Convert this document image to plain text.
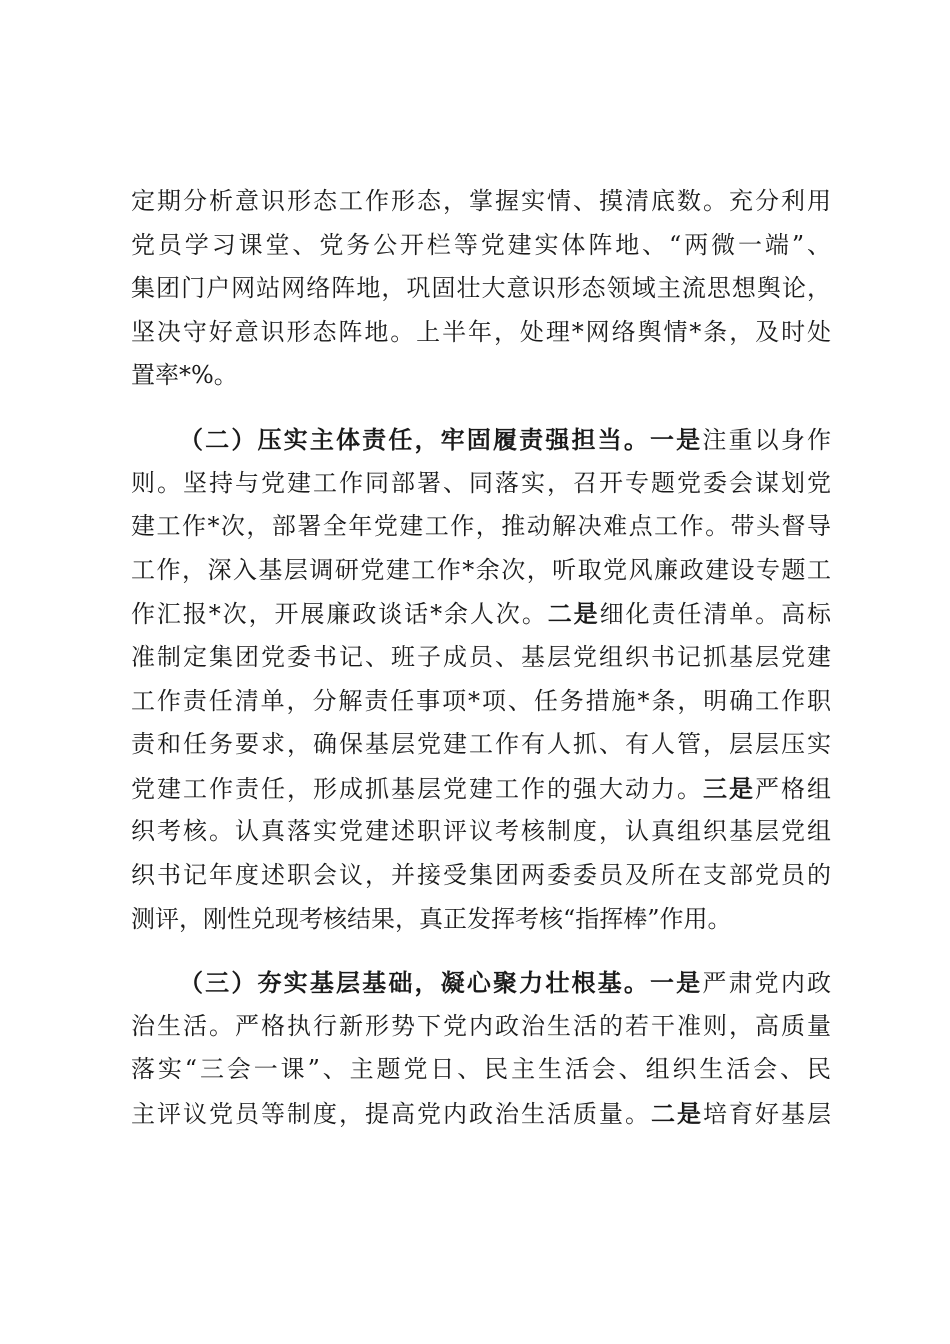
定期分析意识形态工作形态，掌握实情、摸清底数。充分利用
党员学习课堂、党务公开栏等党建实体阵地、“两微一端”、
集团门户网站网络阵地，巩固壮大意识形态领域主流思想舆论，
坚决守好意识形态阵地。上半年，处理*网络舆情*条，及时处
置率*%。
（二）压实主体责任，牢固履责强担当。一是注重以身作
则。坚持与党建工作同部署、同落实，召开专题党委会谋划党
建工作*次，部署全年党建工作，推动解决难点工作。带头督导
工作，深入基层调研党建工作*余次，听取党风廉政建设专题工
作汇报*次，开展廉政谈话*余人次。二是细化责任清单。高标
准制定集团党委书记、班子成员、基层党组织书记抓基层党建
工作责任清单，分解责任事项*项、任务措施*条，明确工作职
责和任务要求，确保基层党建工作有人抓、有人管，层层压实
党建工作责任，形成抓基层党建工作的强大动力。三是严格组
织考核。认真落实党建述职评议考核制度，认真组织基层党组
织书记年度述职会议，并接受集团两委委员及所在支部党员的
测评，刚性兑现考核结果，真正发挥考核“指挥棒”作用。
（三）夯实基层基础，凝心聚力壮根基。一是严肃党内政
治生活。严格执行新形势下党内政治生活的若干准则，高质量
落实“三会一课”、主题党日、民主生活会、组织生活会、民
主评议党员等制度，提高党内政治生活质量。二是培育好基层
